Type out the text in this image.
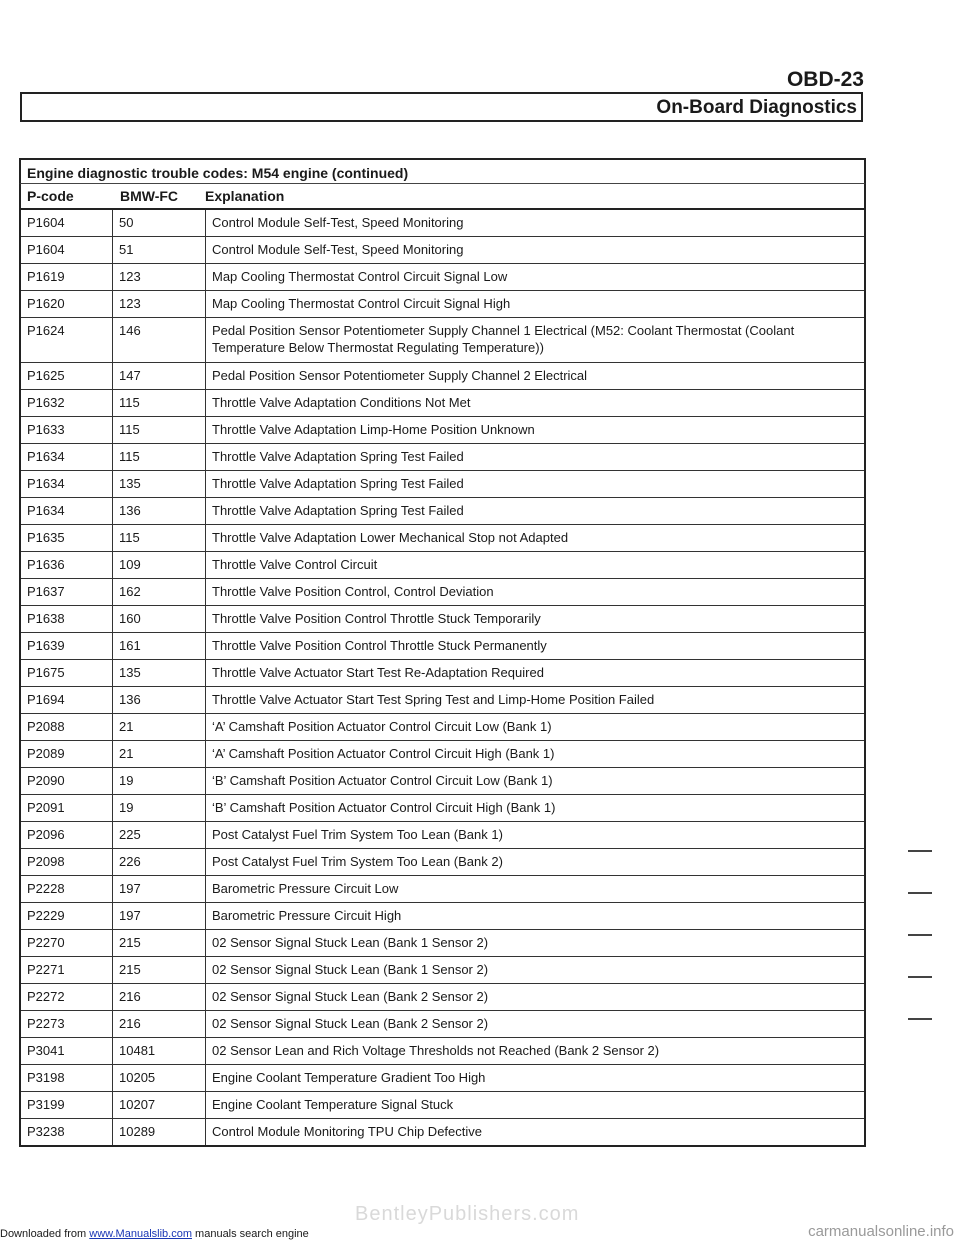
OBD-23
On-Board Diagnostics
Engine diagnostic trouble codes: M54 engine (continued)
P-code	BMW-FC	Explanation
P1604	50	Control Module Self-Test, Speed Monitoring
P1604	51	Control Module Self-Test, Speed Monitoring
P1619	123	Map Cooling Thermostat Control Circuit Signal Low
P1620	123	Map Cooling Thermostat Control Circuit Signal High
P1624	146	Pedal Position Sensor Potentiometer Supply Channel 1 Electrical (M52: Coolant Thermostat (Coolant Temperature Below Thermostat Regulating Temperature))
P1625	147	Pedal Position Sensor Potentiometer Supply Channel 2 Electrical
P1632	115	Throttle Valve Adaptation Conditions Not Met
P1633	115	Throttle Valve Adaptation Limp-Home Position Unknown
P1634	115	Throttle Valve Adaptation Spring Test Failed
P1634	135	Throttle Valve Adaptation Spring Test Failed
P1634	136	Throttle Valve Adaptation Spring Test Failed
P1635	115	Throttle Valve Adaptation Lower Mechanical Stop not Adapted
P1636	109	Throttle Valve Control Circuit
P1637	162	Throttle Valve Position Control, Control Deviation
P1638	160	Throttle Valve Position Control Throttle Stuck Temporarily
P1639	161	Throttle Valve Position Control Throttle Stuck Permanently
P1675	135	Throttle Valve Actuator Start Test Re-Adaptation Required
P1694	136	Throttle Valve Actuator Start Test Spring Test and Limp-Home Position Failed
P2088	21	‘A’ Camshaft Position Actuator Control Circuit Low (Bank 1)
P2089	21	‘A’ Camshaft Position Actuator Control Circuit High (Bank 1)
P2090	19	‘B’ Camshaft Position Actuator Control Circuit Low (Bank 1)
P2091	19	‘B’ Camshaft Position Actuator Control Circuit High (Bank 1)
P2096	225	Post Catalyst Fuel Trim System Too Lean (Bank 1)
P2098	226	Post Catalyst Fuel Trim System Too Lean (Bank 2)
P2228	197	Barometric Pressure Circuit Low
P2229	197	Barometric Pressure Circuit High
P2270	215	02 Sensor Signal Stuck Lean (Bank 1 Sensor 2)
P2271	215	02 Sensor Signal Stuck Lean (Bank 1 Sensor 2)
P2272	216	02 Sensor Signal Stuck Lean (Bank 2 Sensor 2)
P2273	216	02 Sensor Signal Stuck Lean (Bank 2 Sensor 2)
P3041	10481	02 Sensor Lean and Rich Voltage Thresholds not Reached (Bank 2 Sensor 2)
P3198	10205	Engine Coolant Temperature Gradient Too High
P3199	10207	Engine Coolant Temperature Signal Stuck
P3238	10289	Control Module Monitoring TPU Chip Defective
BentleyPublishers.com
Downloaded from www.Manualslib.com manuals search engine	carmanualsonline.info
